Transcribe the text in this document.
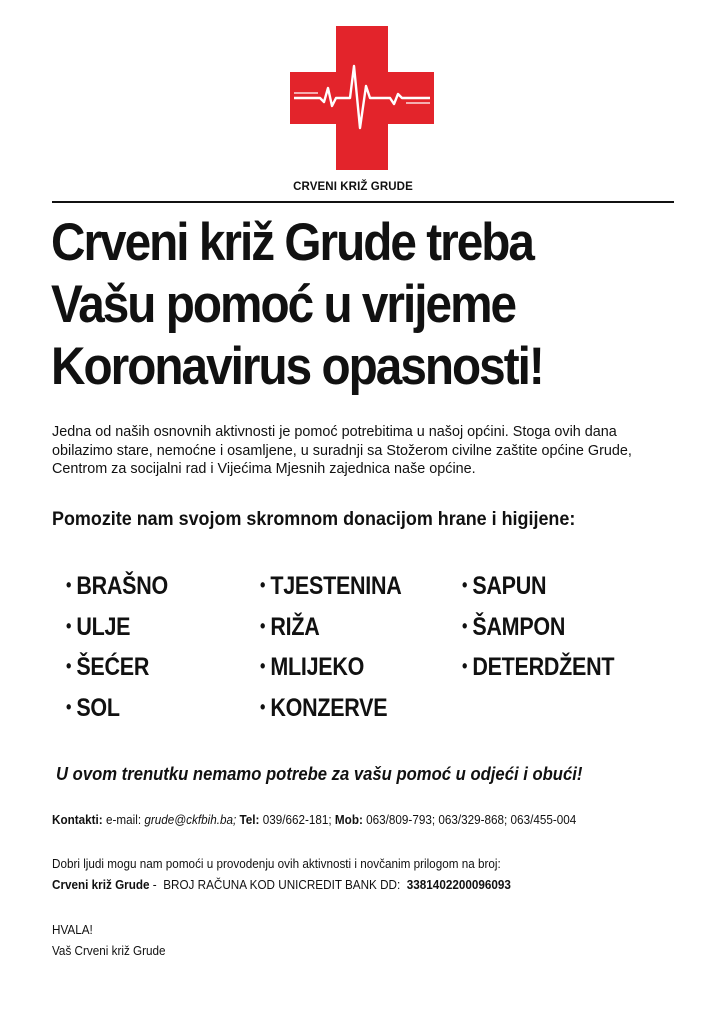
CRVENI KRIŽ GRUDE
Crveni križ Grude treba
Vašu pomoć u vrijeme
Koronavirus opasnosti!
Jedna od naših osnovnih aktivnosti je pomoć potrebitima u našoj općini. Stoga ovih dana obilazimo stare, nemoćne i osamljene, u suradnji sa Stožerom civilne zaštite općine Grude, Centrom za socijalni rad i Vijećima Mjesnih zajednica naše općine.
Pomozite nam svojom skromnom donacijom hrane i higijene:
• BRAŠNO
• ULJE
• ŠEĆER
• SOL
• TJESTENINA
• RIŽA
• MLIJEKO
• KONZERVE
• SAPUN
• ŠAMPON
• DETERDŽENT
U ovom trenutku nemamo potrebe za vašu pomoć u odjeći i obući!
Kontakti: e-mail: grude@ckfbih.ba; Tel: 039/662-181; Mob: 063/809-793; 063/329-868; 063/455-004
Dobri ljudi mogu nam pomoći u provodenju ovih aktivnosti i novčanim prilogom na broj:
Crveni križ Grude -  BROJ RAČUNA KOD UNICREDIT BANK DD: 3381402200096093
HVALA!
Vaš Crveni križ Grude
